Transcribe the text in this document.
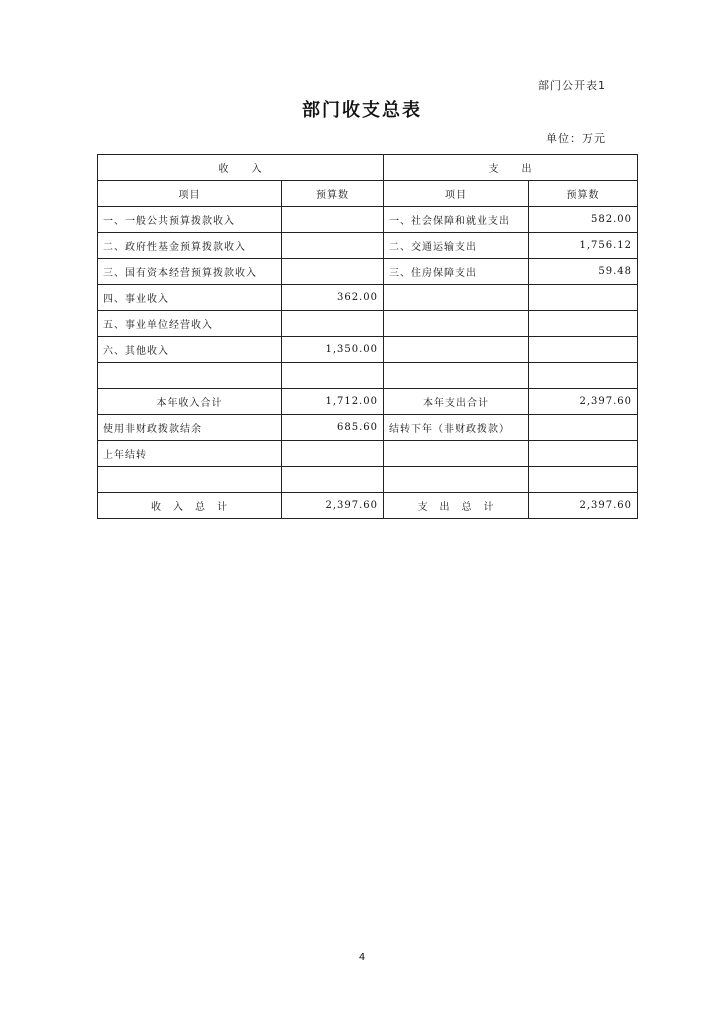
部门公开表1
部门收支总表
单位：万元
收　　入		支　　出	
项目	预算数	项目	预算数
一、一般公共预算拨款收入		一、社会保障和就业支出	582.00
二、政府性基金预算拨款收入		二、交通运输支出	1,756.12
三、国有资本经营预算拨款收入		三、住房保障支出	59.48
四、事业收入	362.00		
五、事业单位经营收入			
六、其他收入	1,350.00		

本年收入合计	1,712.00	本年支出合计	2,397.60
使用非财政拨款结余	685.60	结转下年（非财政拨款）	
上年结转			

收　入　总　计	2,397.60	支　出　总　计	2,397.60
4
